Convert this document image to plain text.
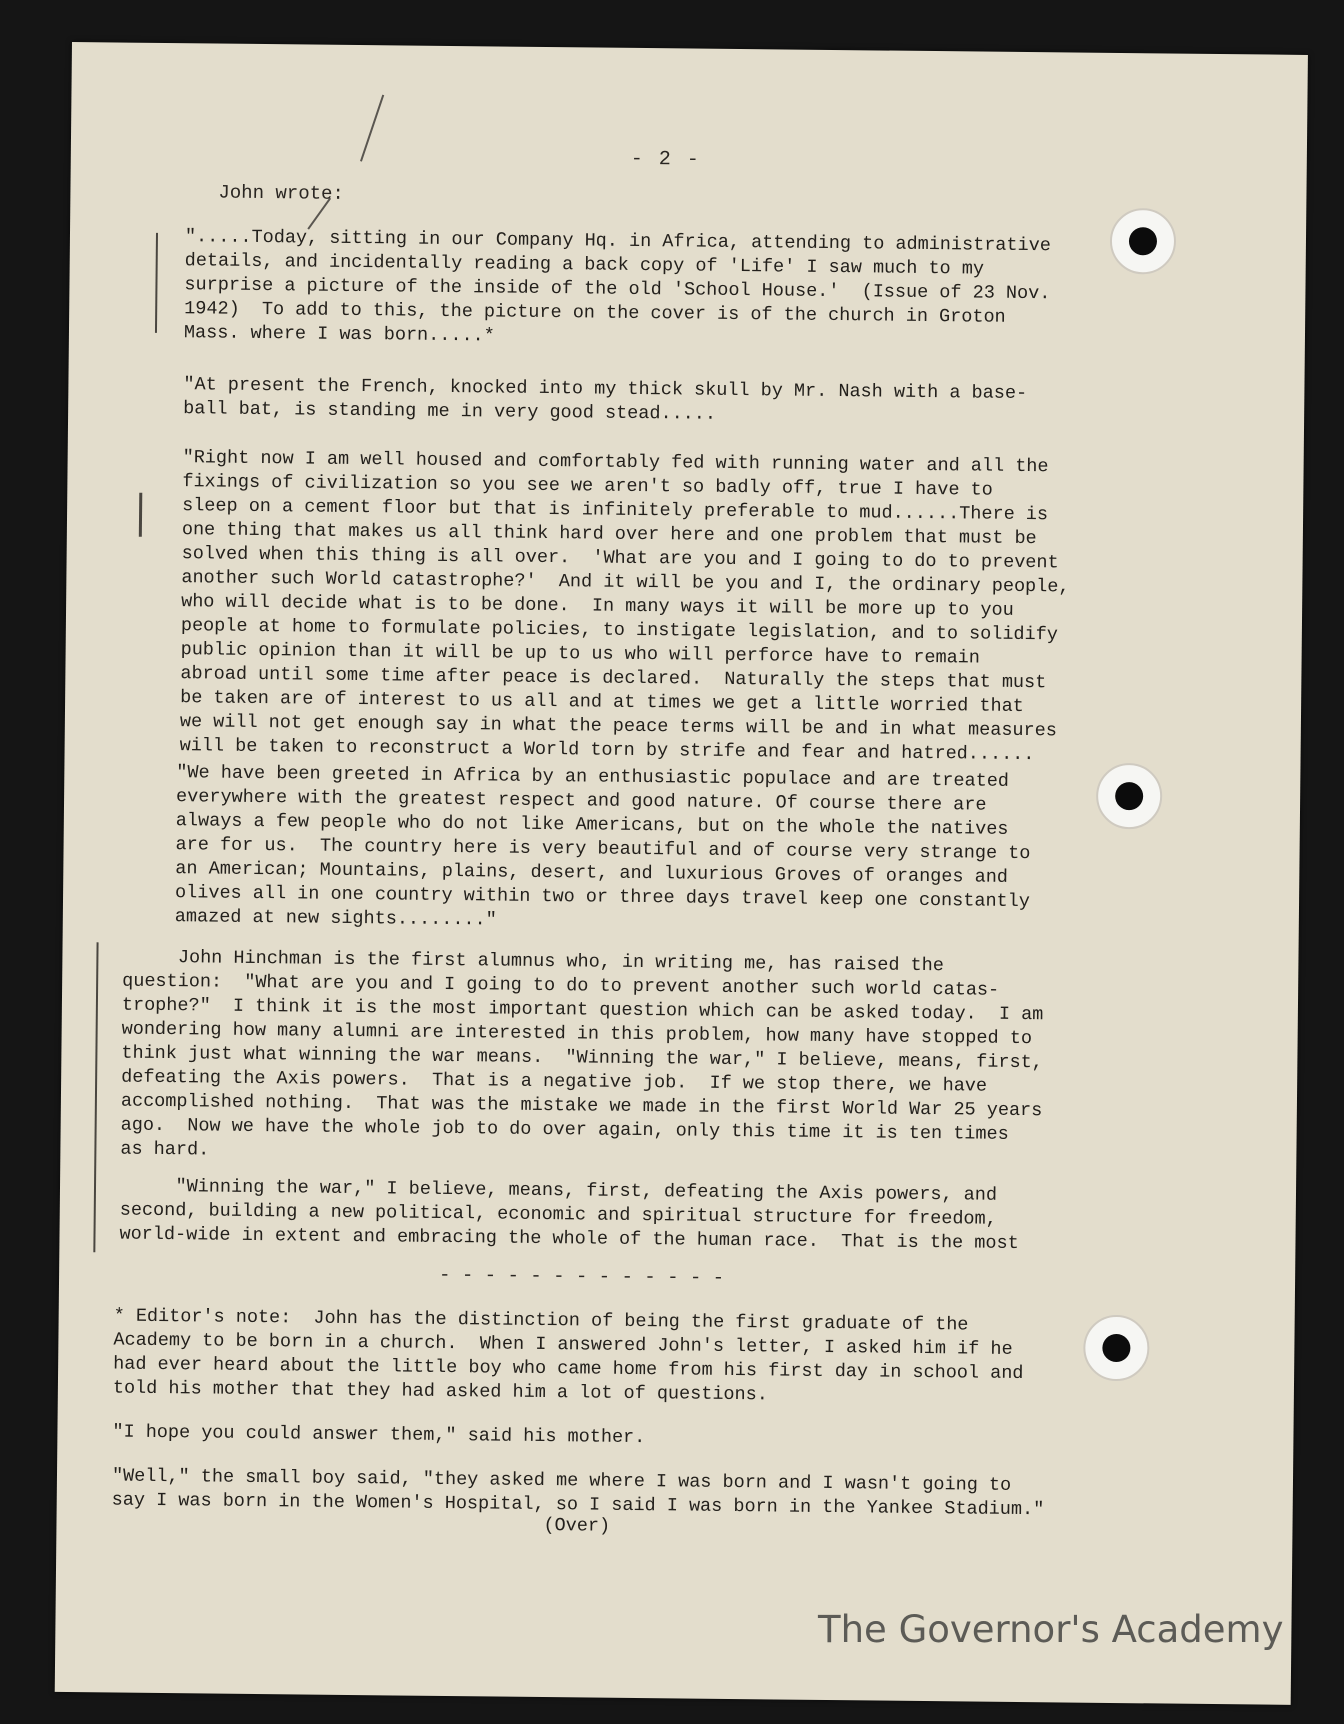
- 2 -
John wrote:

".....Today, sitting in our Company Hq. in Africa, attending to administrative
details, and incidentally reading a back copy of 'Life' I saw much to my
surprise a picture of the inside of the old 'School House.'  (Issue of 23 Nov.
1942)  To add to this, the picture on the cover is of the church in Groton
Mass. where I was born.....*

"At present the French, knocked into my thick skull by Mr. Nash with a base-
ball bat, is standing me in very good stead.....

"Right now I am well housed and comfortably fed with running water and all the
fixings of civilization so you see we aren't so badly off, true I have to
sleep on a cement floor but that is infinitely preferable to mud......There is
one thing that makes us all think hard over here and one problem that must be
solved when this thing is all over.  'What are you and I going to do to prevent
another such World catastrophe?'  And it will be you and I, the ordinary people,
who will decide what is to be done.  In many ways it will be more up to you
people at home to formulate policies, to instigate legislation, and to solidify
public opinion than it will be up to us who will perforce have to remain
abroad until some time after peace is declared.  Naturally the steps that must
be taken are of interest to us all and at times we get a little worried that
we will not get enough say in what the peace terms will be and in what measures
will be taken to reconstruct a World torn by strife and fear and hatred......

"We have been greeted in Africa by an enthusiastic populace and are treated
everywhere with the greatest respect and good nature. Of course there are
always a few people who do not like Americans, but on the whole the natives
are for us.  The country here is very beautiful and of course very strange to
an American; Mountains, plains, desert, and luxurious Groves of oranges and
olives all in one country within two or three days travel keep one constantly
amazed at new sights........"

John Hinchman is the first alumnus who, in writing me, has raised the
question:  "What are you and I going to do to prevent another such world catas-
trophe?"  I think it is the most important question which can be asked today.  I am
wondering how many alumni are interested in this problem, how many have stopped to
think just what winning the war means.  "Winning the war," I believe, means, first,
defeating the Axis powers.  That is a negative job.  If we stop there, we have
accomplished nothing.  That was the mistake we made in the first World War 25 years
ago.  Now we have the whole job to do over again, only this time it is ten times
as hard.

"Winning the war," I believe, means, first, defeating the Axis powers, and
second, building a new political, economic and spiritual structure for freedom,
world-wide in extent and embracing the whole of the human race.  That is the most

- - - - - - - - - - - - -

* Editor's note:  John has the distinction of being the first graduate of the
Academy to be born in a church.  When I answered John's letter, I asked him if he
had ever heard about the little boy who came home from his first day in school and
told his mother that they had asked him a lot of questions.

"I hope you could answer them," said his mother.

"Well," the small boy said, "they asked me where I was born and I wasn't going to
say I was born in the Women's Hospital, so I said I was born in the Yankee Stadium."

(Over)
The Governor's Academy
